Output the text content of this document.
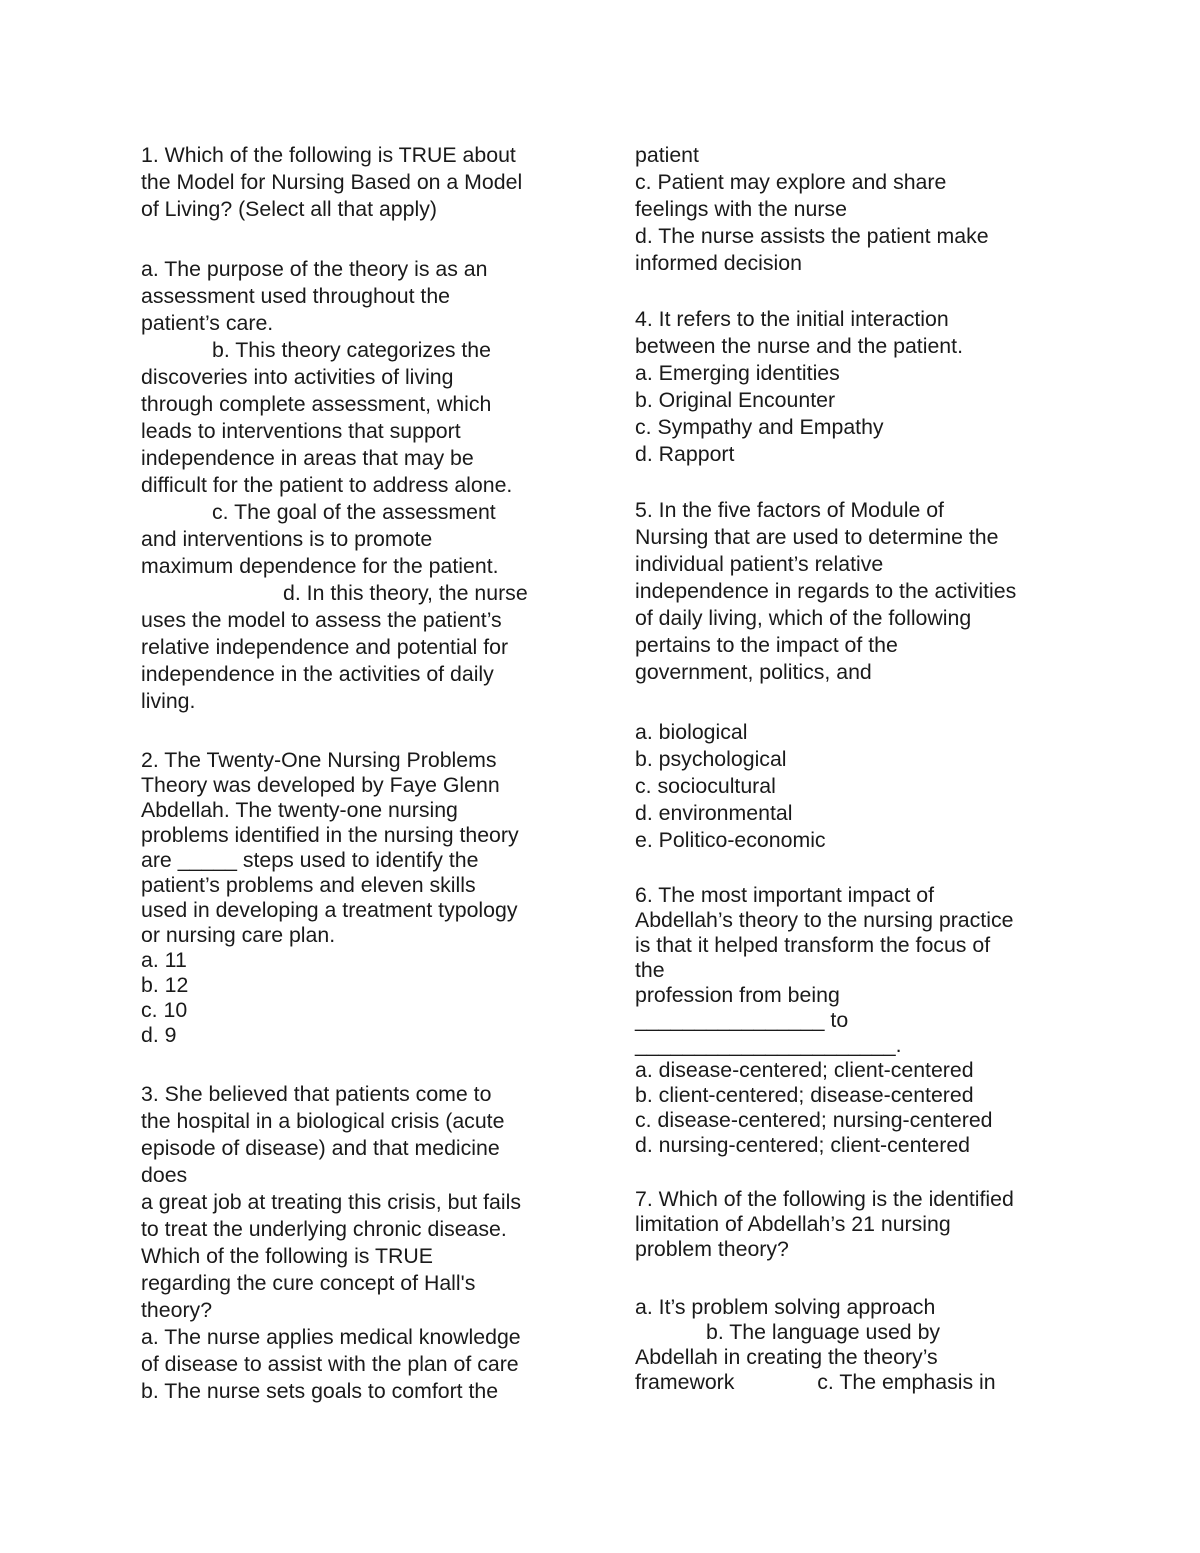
1. Which of the following is TRUE about
the Model for Nursing Based on a Model
of Living? (Select all that apply)
a. The purpose of the theory is as an
assessment used throughout the
patient’s care.
b. This theory categorizes the
discoveries into activities of living
through complete assessment, which
leads to interventions that support
independence in areas that may be
difficult for the patient to address alone.
c. The goal of the assessment
and interventions is to promote
maximum dependence for the patient.
d. In this theory, the nurse
uses the model to assess the patient’s
relative independence and potential for
independence in the activities of daily
living.
2. The Twenty-One Nursing Problems
Theory was developed by Faye Glenn
Abdellah. The twenty-one nursing
problems identified in the nursing theory
are _____ steps used to identify the
patient’s problems and eleven skills
used in developing a treatment typology
or nursing care plan.
a. 11
b. 12
c. 10
d. 9
3. She believed that patients come to
the hospital in a biological crisis (acute
episode of disease) and that medicine
does
a great job at treating this crisis, but fails
to treat the underlying chronic disease.
Which of the following is TRUE
regarding the cure concept of Hall's
theory?
a. The nurse applies medical knowledge
of disease to assist with the plan of care
b. The nurse sets goals to comfort the
patient
c. Patient may explore and share
feelings with the nurse
d. The nurse assists the patient make
informed decision
4. It refers to the initial interaction
between the nurse and the patient.
a. Emerging identities
b. Original Encounter
c. Sympathy and Empathy
d. Rapport
5. In the five factors of Module of
Nursing that are used to determine the
individual patient’s relative
independence in regards to the activities
of daily living, which of the following
pertains to the impact of the
government, politics, and
a. biological
b. psychological
c. sociocultural
d. environmental
e. Politico-economic
6. The most important impact of
Abdellah’s theory to the nursing practice
is that it helped transform the focus of
the
profession from being
________________ to
______________________.
a. disease-centered; client-centered
b. client-centered; disease-centered
c. disease-centered; nursing-centered
d. nursing-centered; client-centered
7. Which of the following is the identified
limitation of Abdellah’s 21 nursing
problem theory?
a. It’s problem solving approach
b. The language used by
Abdellah in creating the theory’s
framework              c. The emphasis in
